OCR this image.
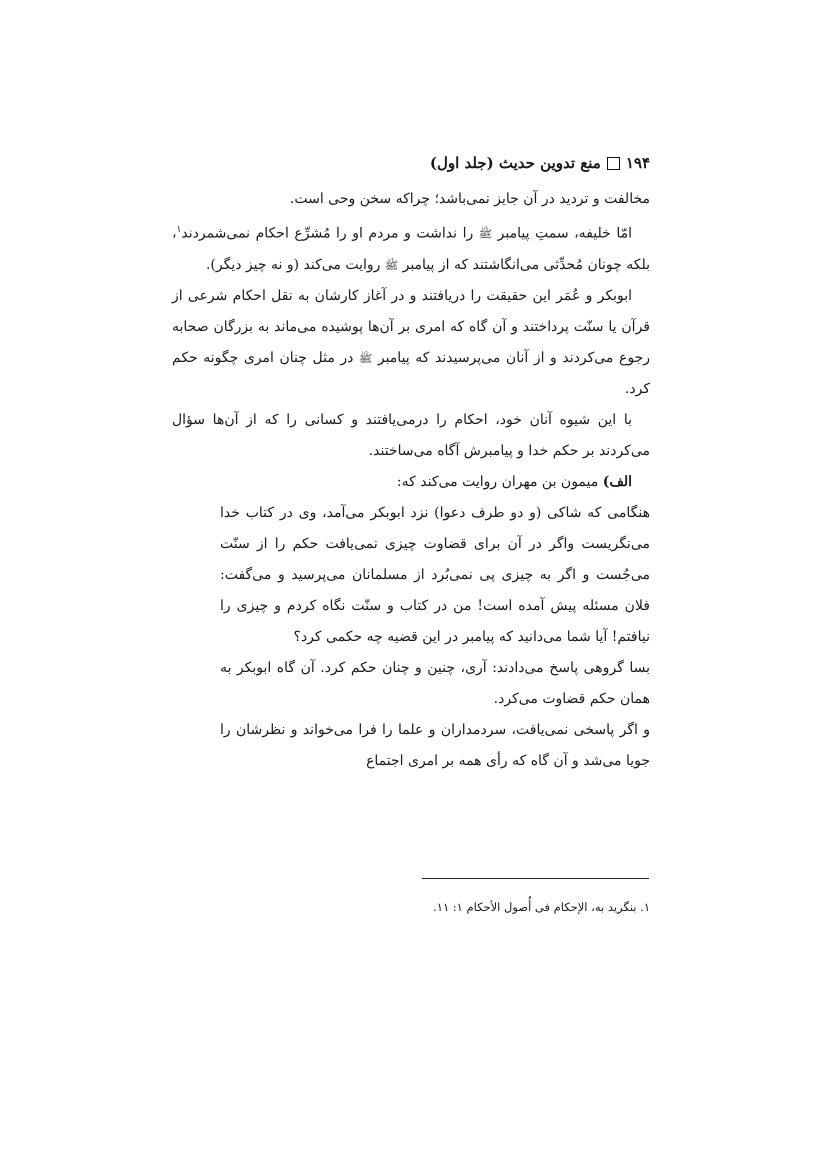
۱۹۴
منع تدوین حدیث (جلد اول)

مخالفت و تردید در آن جایز نمی‌باشد؛ چراکه سخن وحی است.

امّا خلیفه، سمتِ پیامبر ﷺ را نداشت و مردم او را مُشرِّع احکام نمی‌شمردند$^۱$، بلکه چونان مُحدِّثی می‌انگاشتند که از پیامبر ﷺ روایت می‌کند (و نه چیز دیگر).

ابوبکر و عُمَر این حقیقت را دریافتند و در آغاز کارشان به نقل احکام شرعی از قرآن یا سنّت پرداختند و آن گاه که امری بر آن‌ها پوشیده می‌ماند به بزرگان صحابه رجوع می‌کردند و از آنان می‌پرسیدند که پیامبر ﷺ در مثل چنان امری چگونه حکم کرد.

با این شیوه آنان خود، احکام را درمی‌یافتند و کسانی را که از آن‌ها سؤال می‌کردند بر حکم خدا و پیامبرش آگاه می‌ساختند.

الف) میمون بن مهران روایت می‌کند که:

هنگامی که شاکی (و دو طرف دعوا) نزد ابوبکر می‌آمد، وی در کتاب خدا می‌نگریست واگر در آن برای قضاوت چیزی نمی‌یافت حکم را از سنّت می‌جُست و اگر به چیزی پی نمی‌بُرد از مسلمانان می‌پرسید و می‌گفت: فلان مسئله پیش آمده است! من در کتاب و سنّت نگاه کردم و چیزی را نیافتم! آیا شما می‌دانید که پیامبر در این قضیه چه حکمی کرد؟

بسا گروهی پاسخ می‌دادند: آری، چنین و چنان حکم کرد. آن گاه ابوبکر به همان حکم قضاوت می‌کرد.

و اگر پاسخی نمی‌یافت، سردمداران و علما را فرا می‌خواند و نظرشان را جویا می‌شد و آن گاه که رأی همه بر امری اجتماع

۱. بنگرید به، الإحکام فی أُصول الأحکام ۱: ۱۱.
